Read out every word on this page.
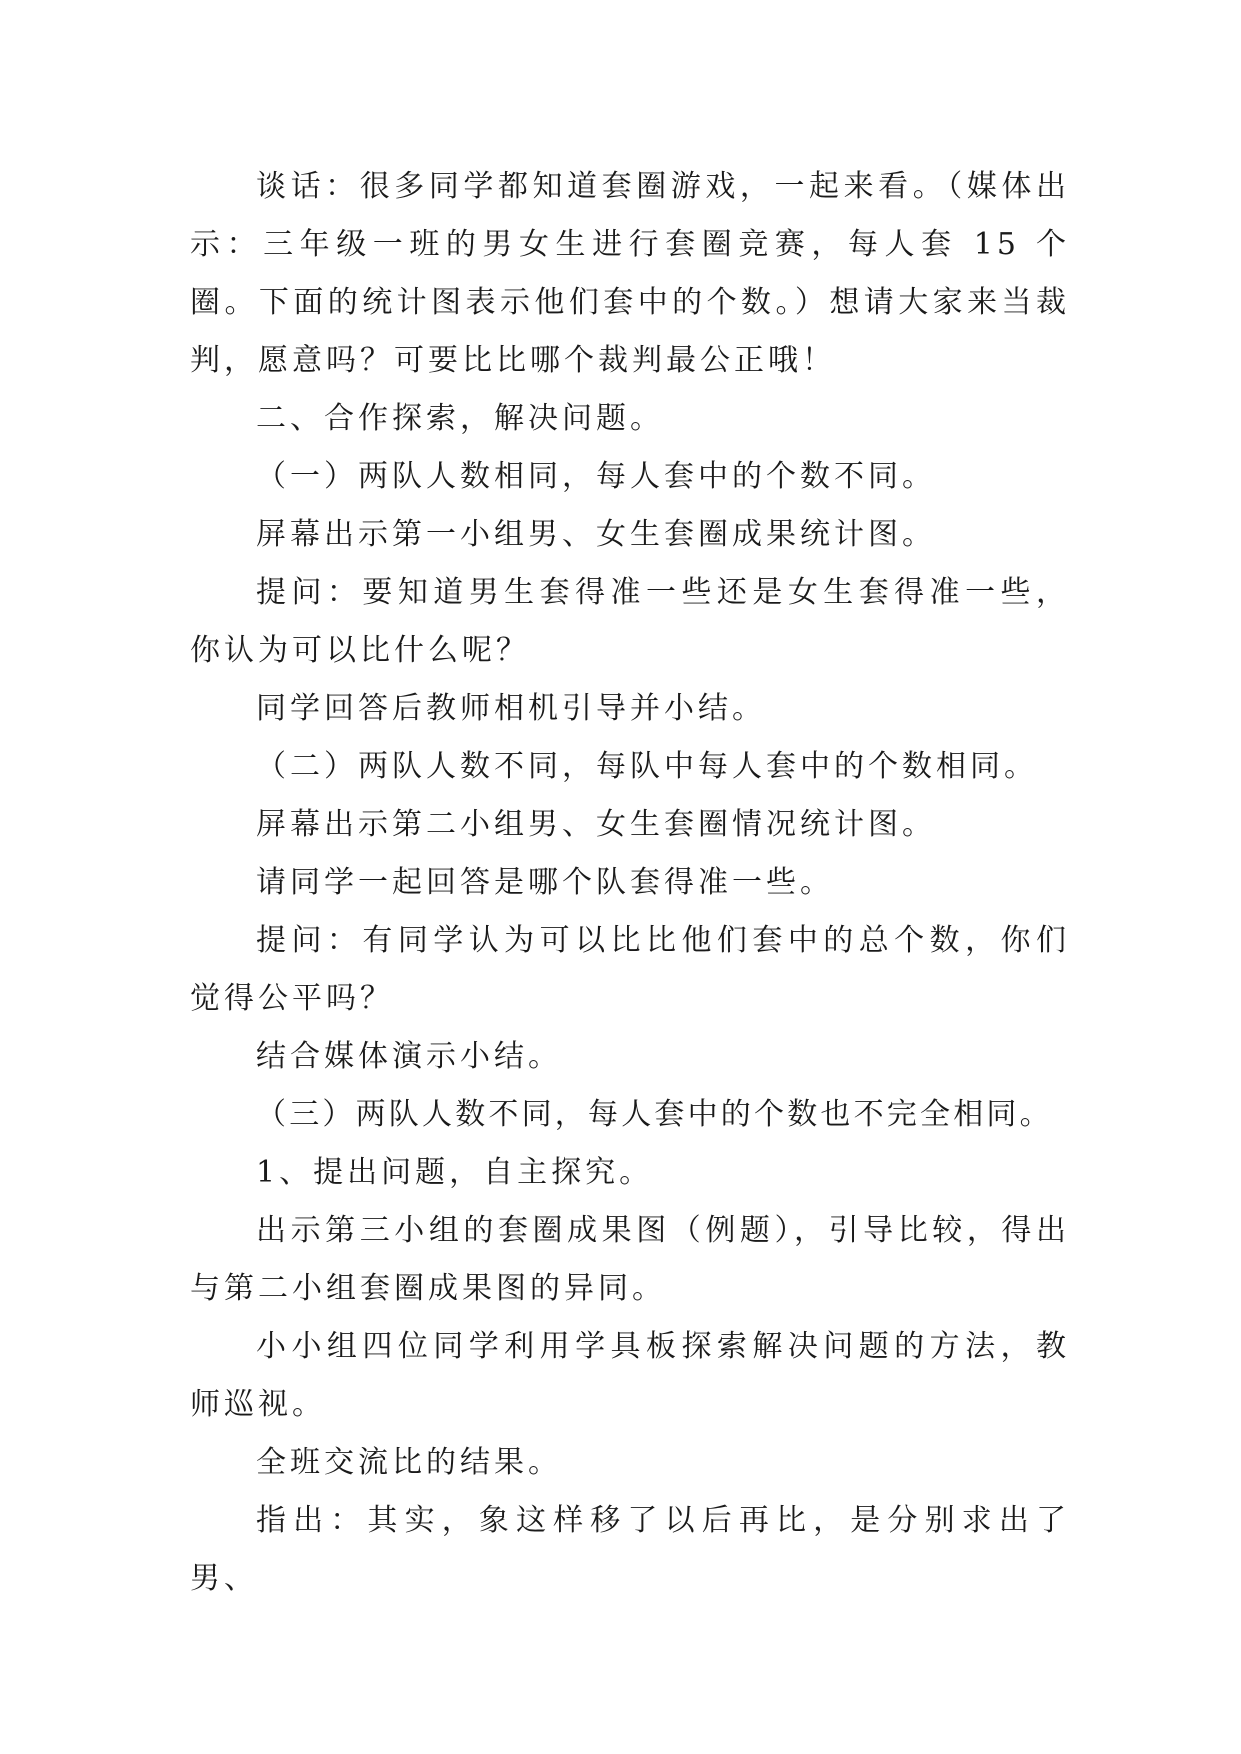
谈话：很多同学都知道套圈游戏，一起来看。（媒体出示：三年级一班的男女生进行套圈竞赛，每人套 15 个圈。下面的统计图表示他们套中的个数。）想请大家来当裁判，愿意吗？可要比比哪个裁判最公正哦！

二、合作探索，解决问题。

（一）两队人数相同，每人套中的个数不同。

屏幕出示第一小组男、女生套圈成果统计图。

提问：要知道男生套得准一些还是女生套得准一些，你认为可以比什么呢？

同学回答后教师相机引导并小结。

（二）两队人数不同，每队中每人套中的个数相同。

屏幕出示第二小组男、女生套圈情况统计图。

请同学一起回答是哪个队套得准一些。

提问：有同学认为可以比比他们套中的总个数，你们觉得公平吗？

结合媒体演示小结。

（三）两队人数不同，每人套中的个数也不完全相同。

1、提出问题，自主探究。

出示第三小组的套圈成果图（例题），引导比较，得出与第二小组套圈成果图的异同。

小小组四位同学利用学具板探索解决问题的方法，教师巡视。

全班交流比的结果。

指出：其实，象这样移了以后再比，是分别求出了男、
